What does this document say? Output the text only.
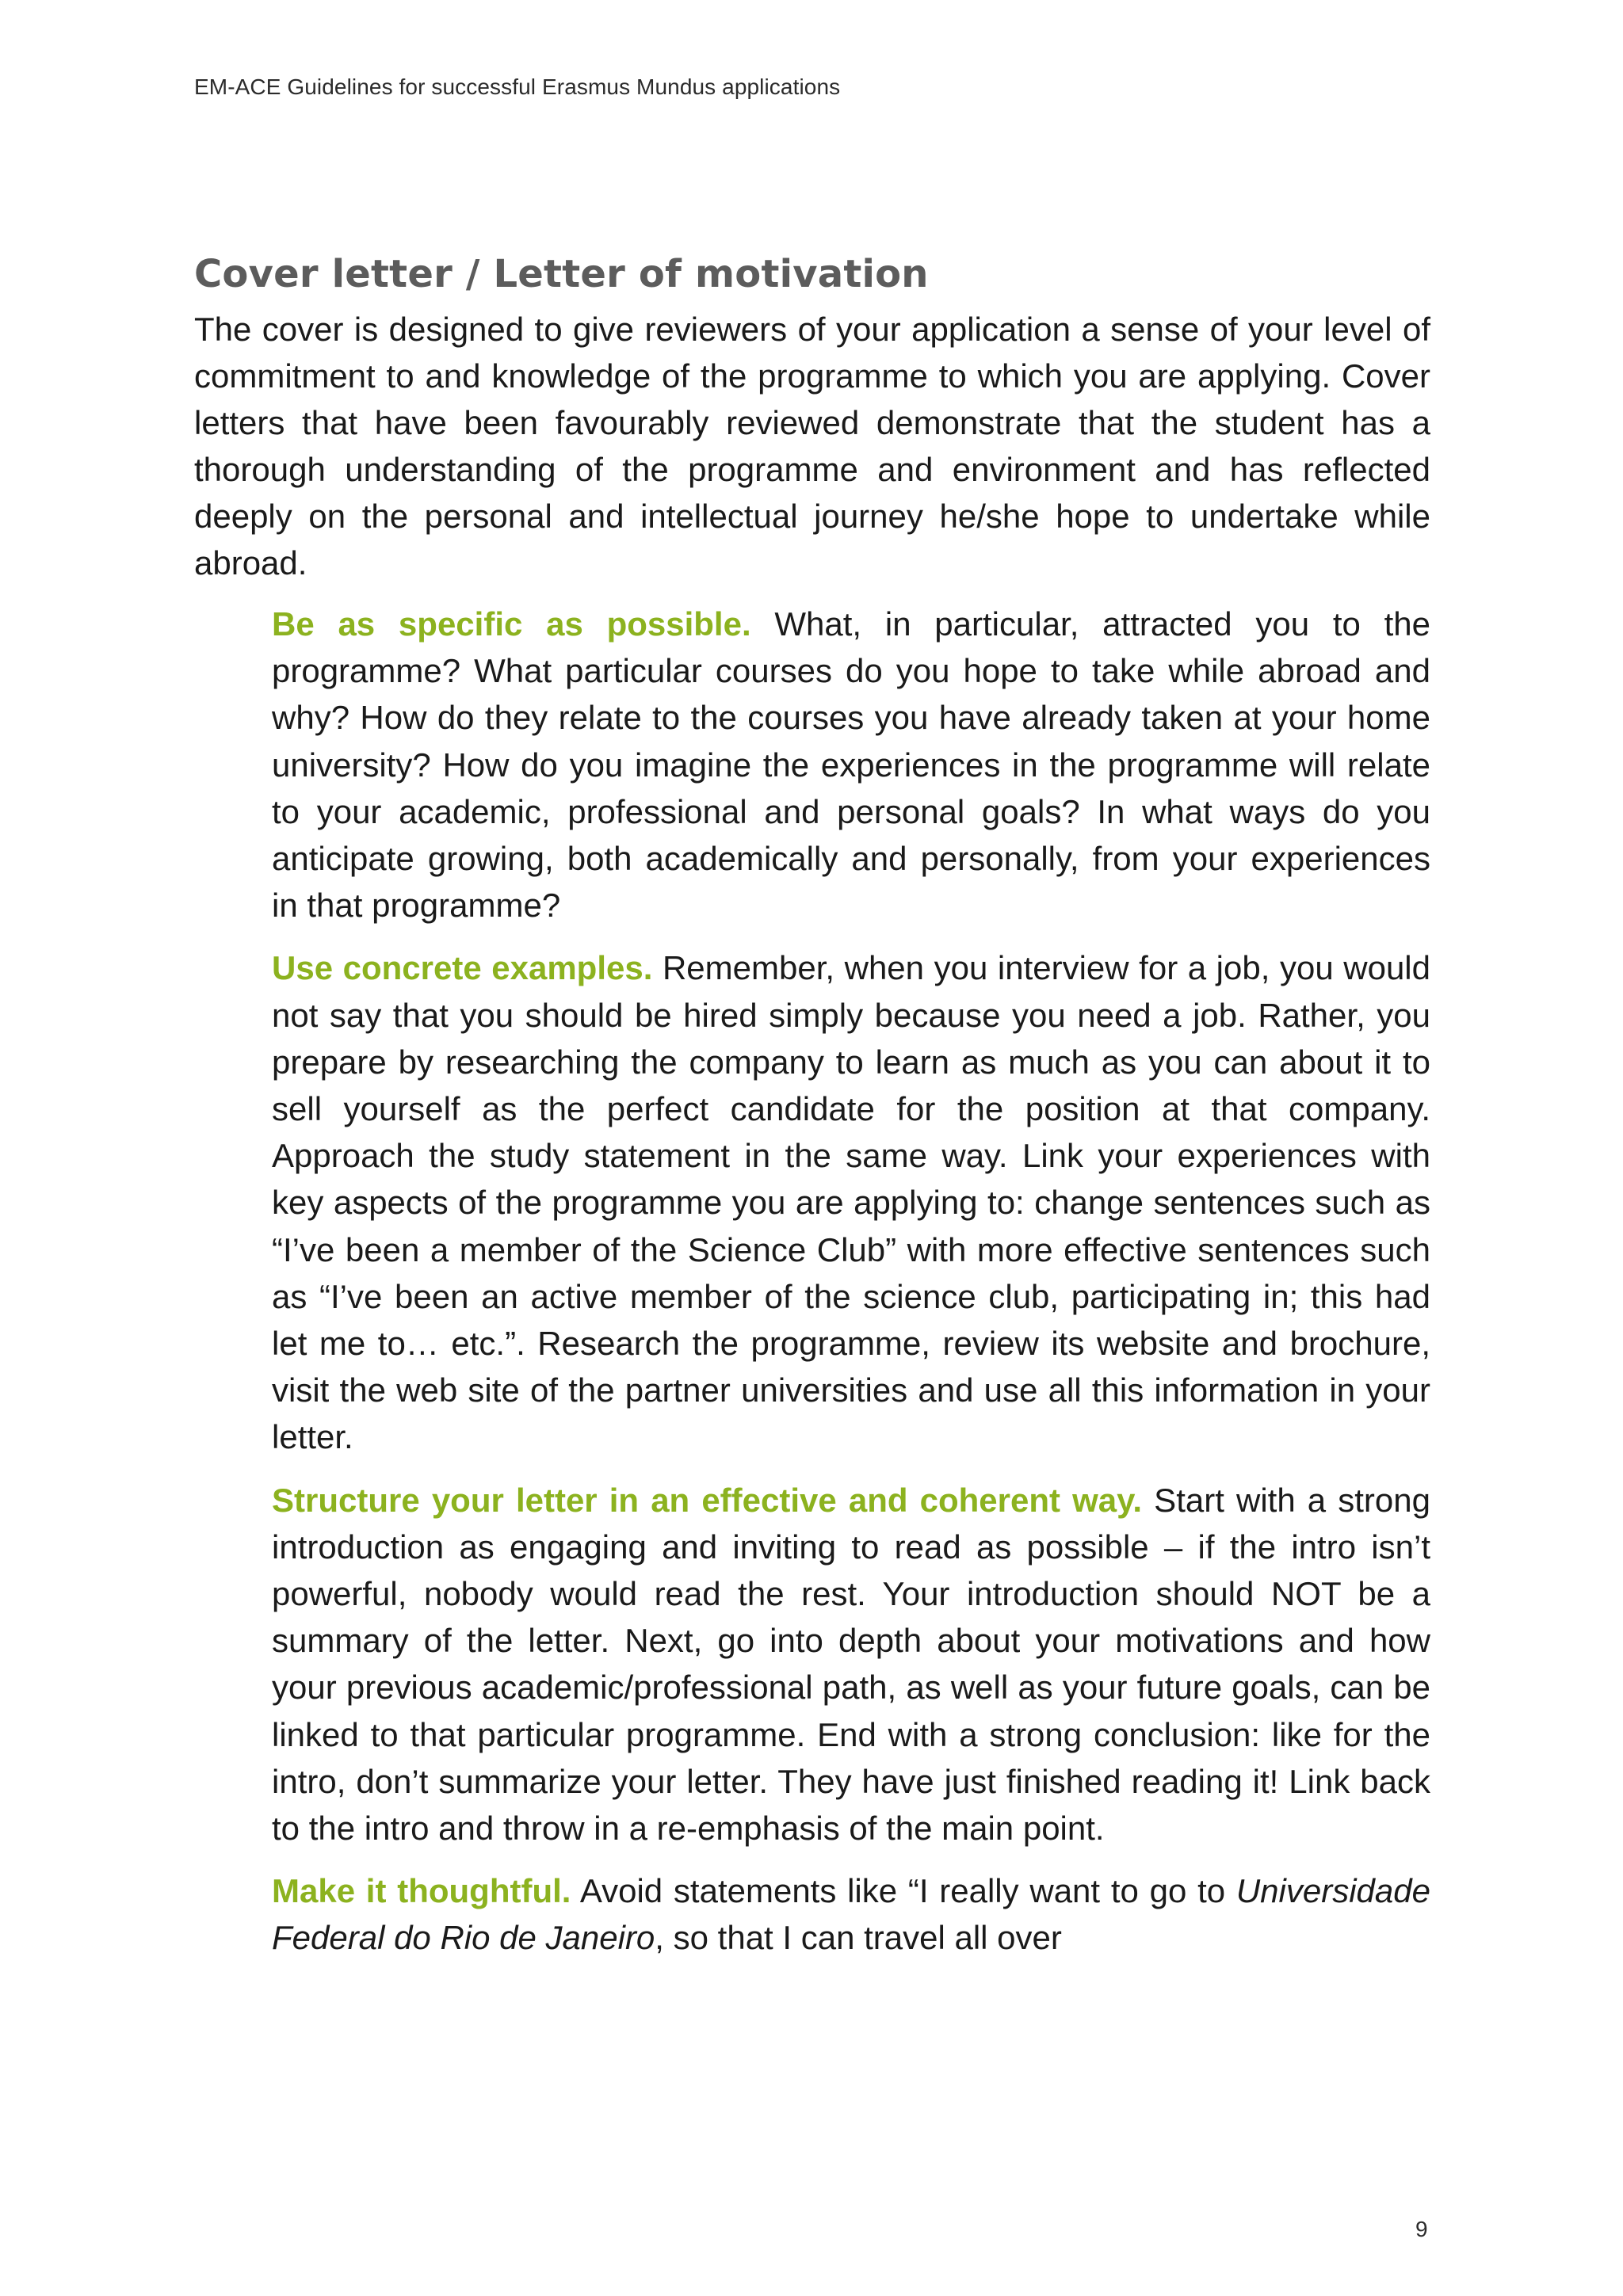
EM-ACE Guidelines for successful Erasmus Mundus applications
Cover letter / Letter of motivation

The cover is designed to give reviewers of your application a sense of your level of commitment to and knowledge of the programme to which you are applying. Cover letters that have been favourably reviewed demonstrate that the student has a thorough understanding of the programme and environment and has reflected deeply on the personal and intellectual journey he/she hope to undertake while abroad.

Be as specific as possible. What, in particular, attracted you to the programme? What particular courses do you hope to take while abroad and why? How do they relate to the courses you have already taken at your home university? How do you imagine the experiences in the programme will relate to your academic, professional and personal goals? In what ways do you anticipate growing, both academically and personally, from your experiences in that programme?

Use concrete examples. Remember, when you interview for a job, you would not say that you should be hired simply because you need a job. Rather, you prepare by researching the company to learn as much as you can about it to sell yourself as the perfect candidate for the position at that company. Approach the study statement in the same way. Link your experiences with key aspects of the programme you are applying to: change sentences such as “I’ve been a member of the Science Club” with more effective sentences such as “I’ve been an active member of the science club, participating in; this had let me to… etc.”. Research the programme, review its website and brochure, visit the web site of the partner universities and use all this information in your letter.

Structure your letter in an effective and coherent way. Start with a strong introduction as engaging and inviting to read as possible – if the intro isn’t powerful, nobody would read the rest. Your introduction should NOT be a summary of the letter. Next, go into depth about your motivations and how your previous academic/professional path, as well as your future goals, can be linked to that particular programme. End with a strong conclusion: like for the intro, don’t summarize your letter. They have just finished reading it! Link back to the intro and throw in a re-emphasis of the main point.

Make it thoughtful. Avoid statements like “I really want to go to Universidade Federal do Rio de Janeiro, so that I can travel all over

9
